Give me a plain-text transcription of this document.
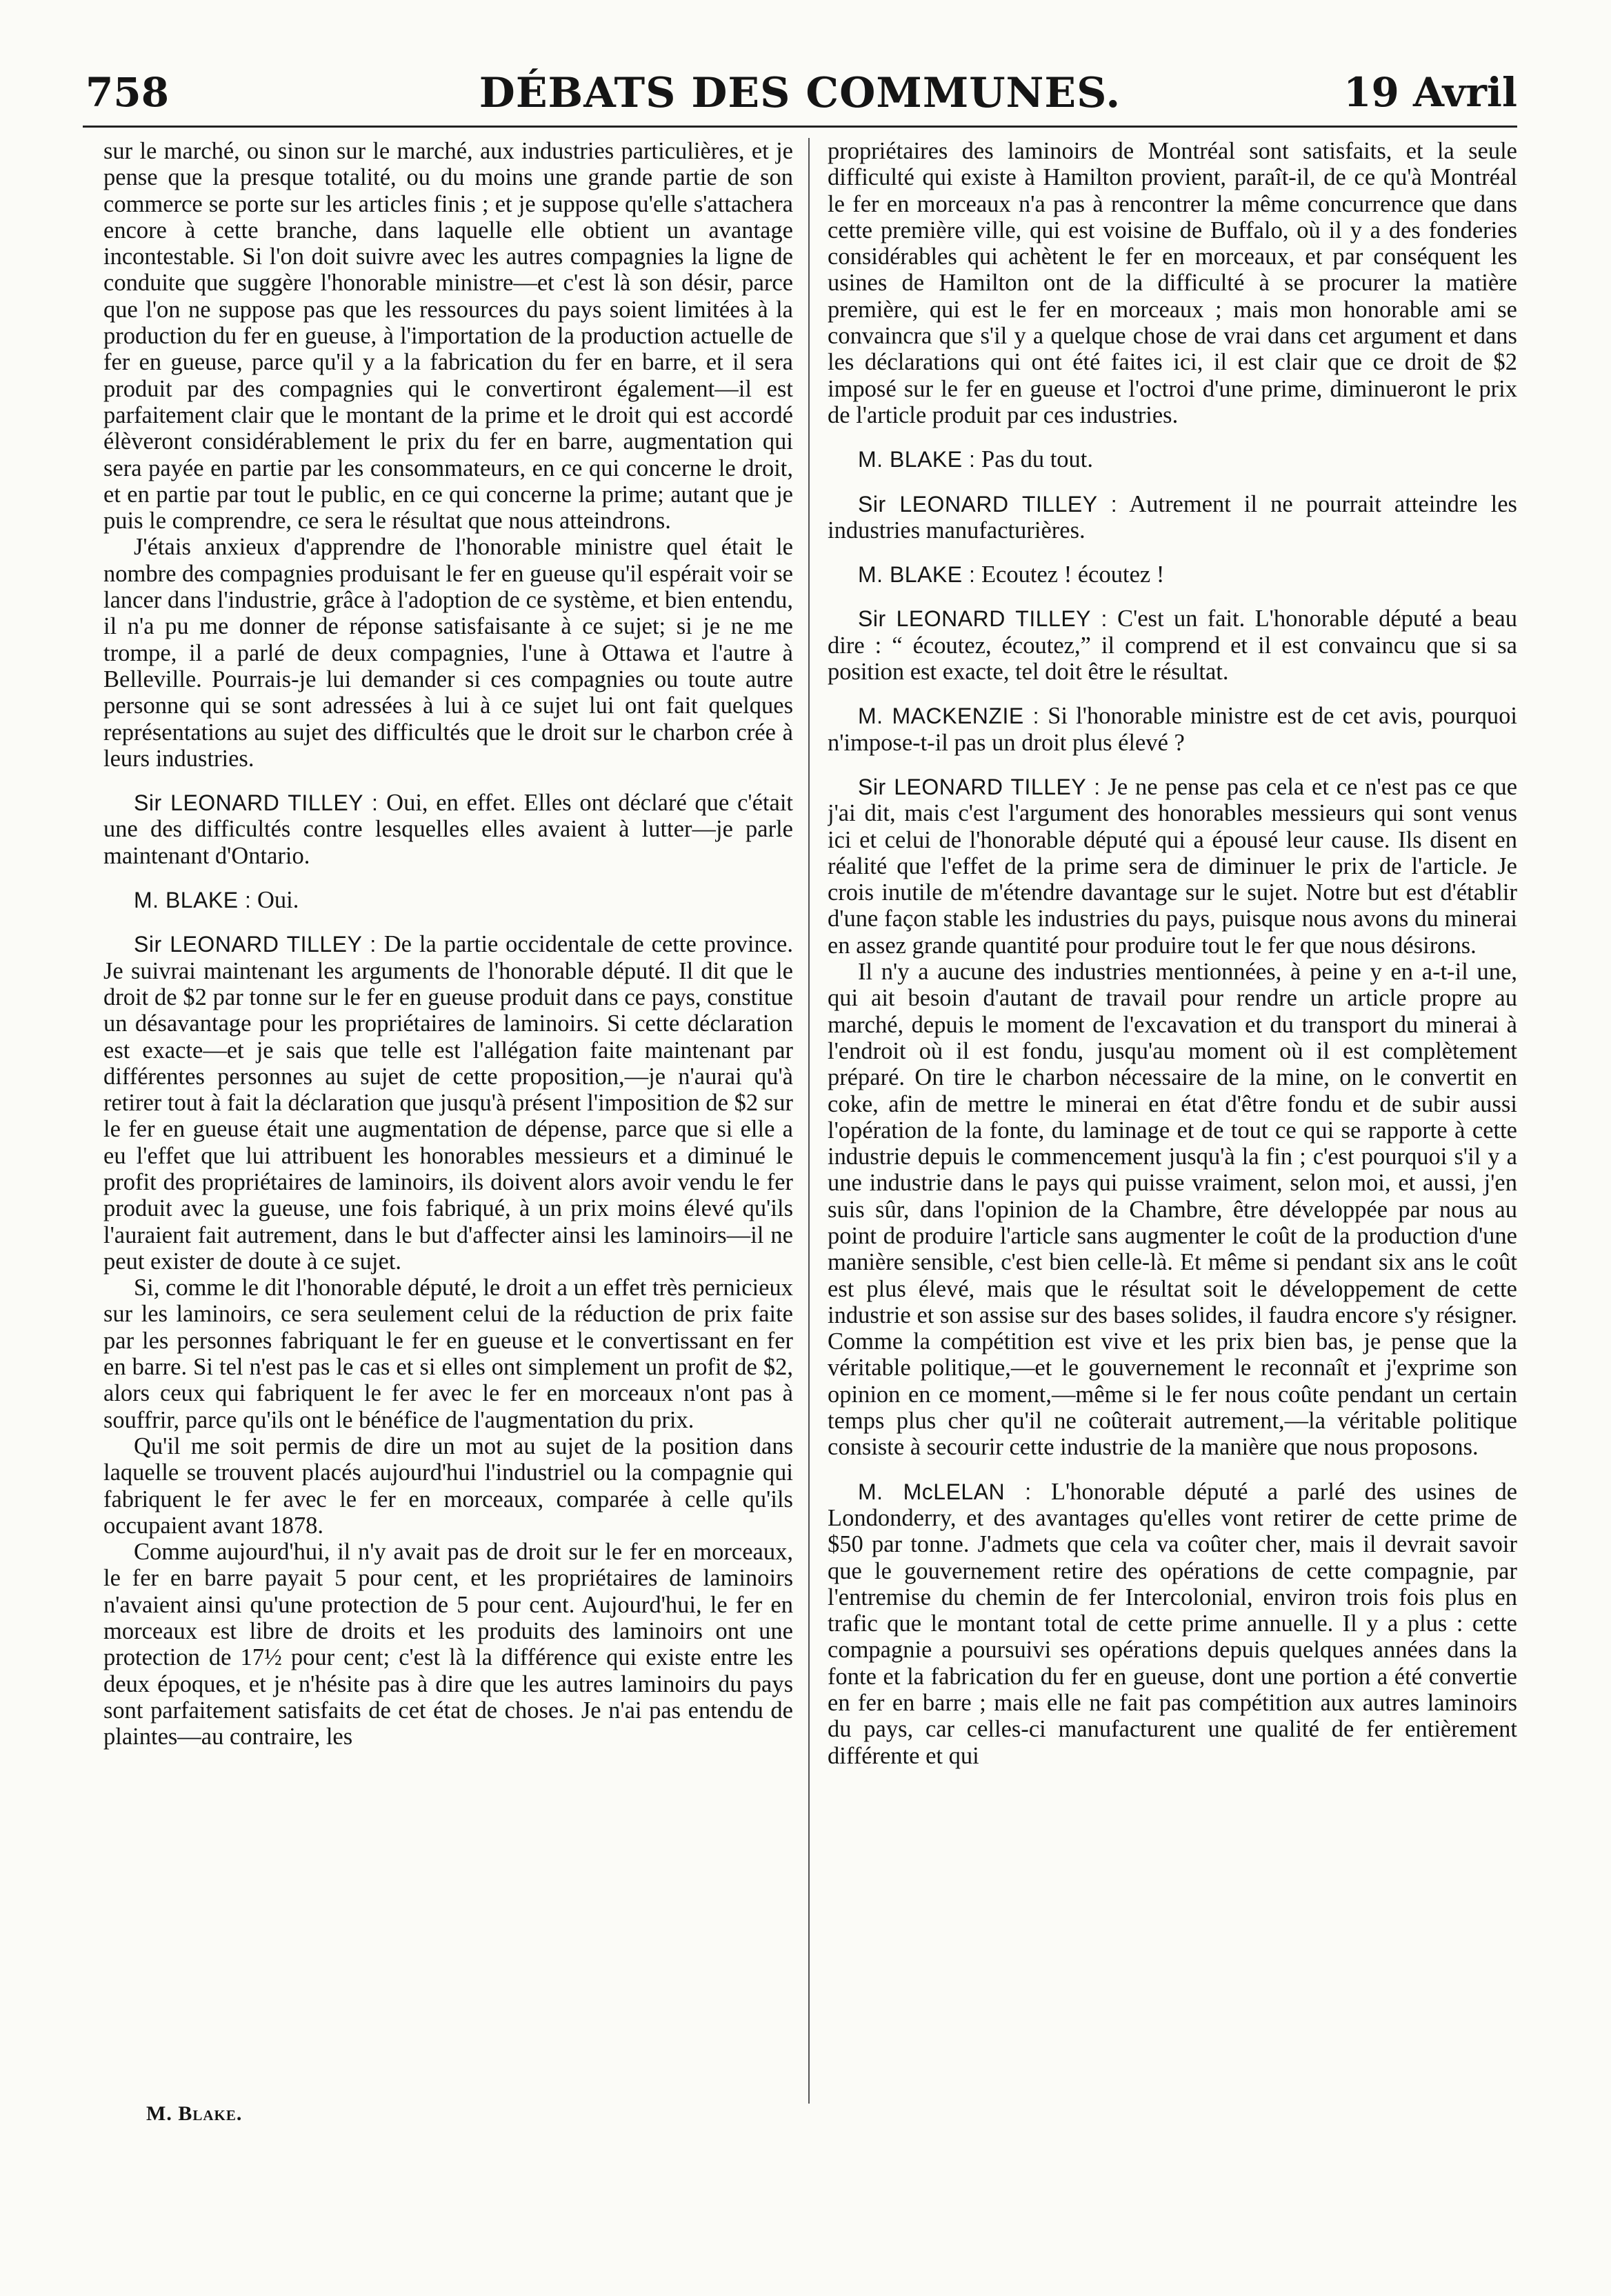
758	DÉBATS DES COMMUNES.	19 Avril

sur le marché, ou sinon sur le marché, aux industries particulières, et je pense que la presque totalité, ou du moins une grande partie de son commerce se porte sur les articles finis ; et je suppose qu'elle s'attachera encore à cette branche, dans laquelle elle obtient un avantage incontestable. Si l'on doit suivre avec les autres compagnies la ligne de conduite que suggère l'honorable ministre—et c'est là son désir, parce que l'on ne suppose pas que les ressources du pays soient limitées à la production du fer en gueuse, à l'importation de la production actuelle de fer en gueuse, parce qu'il y a la fabrication du fer en barre, et il sera produit par des compagnies qui le convertiront également—il est parfaitement clair que le montant de la prime et le droit qui est accordé élèveront considérablement le prix du fer en barre, augmentation qui sera payée en partie par les consommateurs, en ce qui concerne le droit, et en partie par tout le public, en ce qui concerne la prime; autant que je puis le comprendre, ce sera le résultat que nous atteindrons.

J'étais anxieux d'apprendre de l'honorable ministre quel était le nombre des compagnies produisant le fer en gueuse qu'il espérait voir se lancer dans l'industrie, grâce à l'adoption de ce système, et bien entendu, il n'a pu me donner de réponse satisfaisante à ce sujet; si je ne me trompe, il a parlé de deux compagnies, l'une à Ottawa et l'autre à Belleville. Pourrais-je lui demander si ces compagnies ou toute autre personne qui se sont adressées à lui à ce sujet lui ont fait quelques représentations au sujet des difficultés que le droit sur le charbon crée à leurs industries.

Sir LEONARD TILLEY : Oui, en effet. Elles ont déclaré que c'était une des difficultés contre lesquelles elles avaient à lutter—je parle maintenant d'Ontario.

M. BLAKE : Oui.

Sir LEONARD TILLEY : De la partie occidentale de cette province. Je suivrai maintenant les arguments de l'honorable député. Il dit que le droit de $2 par tonne sur le fer en gueuse produit dans ce pays, constitue un désavantage pour les propriétaires de laminoirs. Si cette déclaration est exacte—et je sais que telle est l'allégation faite maintenant par différentes personnes au sujet de cette proposition,—je n'aurai qu'à retirer tout à fait la déclaration que jusqu'à présent l'imposition de $2 sur le fer en gueuse était une augmentation de dépense, parce que si elle a eu l'effet que lui attribuent les honorables messieurs et a diminué le profit des propriétaires de laminoirs, ils doivent alors avoir vendu le fer produit avec la gueuse, une fois fabriqué, à un prix moins élevé qu'ils l'auraient fait autrement, dans le but d'affecter ainsi les laminoirs—il ne peut exister de doute à ce sujet.

Si, comme le dit l'honorable député, le droit a un effet très pernicieux sur les laminoirs, ce sera seulement celui de la réduction de prix faite par les personnes fabriquant le fer en gueuse et le convertissant en fer en barre. Si tel n'est pas le cas et si elles ont simplement un profit de $2, alors ceux qui fabriquent le fer avec le fer en morceaux n'ont pas à souffrir, parce qu'ils ont le bénéfice de l'augmentation du prix.

Qu'il me soit permis de dire un mot au sujet de la position dans laquelle se trouvent placés aujourd'hui l'industriel ou la compagnie qui fabriquent le fer avec le fer en morceaux, comparée à celle qu'ils occupaient avant 1878.

Comme aujourd'hui, il n'y avait pas de droit sur le fer en morceaux, le fer en barre payait 5 pour cent, et les propriétaires de laminoirs n'avaient ainsi qu'une protection de 5 pour cent. Aujourd'hui, le fer en morceaux est libre de droits et les produits des laminoirs ont une protection de 17½ pour cent; c'est là la différence qui existe entre les deux époques, et je n'hésite pas à dire que les autres laminoirs du pays sont parfaitement satisfaits de cet état de choses. Je n'ai pas entendu de plaintes—au contraire, les

propriétaires des laminoirs de Montréal sont satisfaits, et la seule difficulté qui existe à Hamilton provient, paraît-il, de ce qu'à Montréal le fer en morceaux n'a pas à rencontrer la même concurrence que dans cette première ville, qui est voisine de Buffalo, où il y a des fonderies considérables qui achètent le fer en morceaux, et par conséquent les usines de Hamilton ont de la difficulté à se procurer la matière première, qui est le fer en morceaux ; mais mon honorable ami se convaincra que s'il y a quelque chose de vrai dans cet argument et dans les déclarations qui ont été faites ici, il est clair que ce droit de $2 imposé sur le fer en gueuse et l'octroi d'une prime, diminueront le prix de l'article produit par ces industries.

M. BLAKE : Pas du tout.

Sir LEONARD TILLEY : Autrement il ne pourrait atteindre les industries manufacturières.

M. BLAKE : Ecoutez ! écoutez !

Sir LEONARD TILLEY : C'est un fait. L'honorable député a beau dire : “ écoutez, écoutez,” il comprend et il est convaincu que si sa position est exacte, tel doit être le résultat.

M. MACKENZIE : Si l'honorable ministre est de cet avis, pourquoi n'impose-t-il pas un droit plus élevé ?

Sir LEONARD TILLEY : Je ne pense pas cela et ce n'est pas ce que j'ai dit, mais c'est l'argument des honorables messieurs qui sont venus ici et celui de l'honorable député qui a épousé leur cause. Ils disent en réalité que l'effet de la prime sera de diminuer le prix de l'article. Je crois inutile de m'étendre davantage sur le sujet. Notre but est d'établir d'une façon stable les industries du pays, puisque nous avons du minerai en assez grande quantité pour produire tout le fer que nous désirons.

Il n'y a aucune des industries mentionnées, à peine y en a-t-il une, qui ait besoin d'autant de travail pour rendre un article propre au marché, depuis le moment de l'excavation et du transport du minerai à l'endroit où il est fondu, jusqu'au moment où il est complètement préparé. On tire le charbon nécessaire de la mine, on le convertit en coke, afin de mettre le minerai en état d'être fondu et de subir aussi l'opération de la fonte, du laminage et de tout ce qui se rapporte à cette industrie depuis le commencement jusqu'à la fin ; c'est pourquoi s'il y a une industrie dans le pays qui puisse vraiment, selon moi, et aussi, j'en suis sûr, dans l'opinion de la Chambre, être développée par nous au point de produire l'article sans augmenter le coût de la production d'une manière sensible, c'est bien celle-là. Et même si pendant six ans le coût est plus élevé, mais que le résultat soit le développement de cette industrie et son assise sur des bases solides, il faudra encore s'y résigner. Comme la compétition est vive et les prix bien bas, je pense que la véritable politique,—et le gouvernement le reconnaît et j'exprime son opinion en ce moment,—même si le fer nous coûte pendant un certain temps plus cher qu'il ne coûterait autrement,—la véritable politique consiste à secourir cette industrie de la manière que nous proposons.

M. McLELAN : L'honorable député a parlé des usines de Londonderry, et des avantages qu'elles vont retirer de cette prime de $50 par tonne. J'admets que cela va coûter cher, mais il devrait savoir que le gouvernement retire des opérations de cette compagnie, par l'entremise du chemin de fer Intercolonial, environ trois fois plus en trafic que le montant total de cette prime annuelle. Il y a plus : cette compagnie a poursuivi ses opérations depuis quelques années dans la fonte et la fabrication du fer en gueuse, dont une portion a été convertie en fer en barre ; mais elle ne fait pas compétition aux autres laminoirs du pays, car celles-ci manufacturent une qualité de fer entièrement différente et qui

M. Blake.
